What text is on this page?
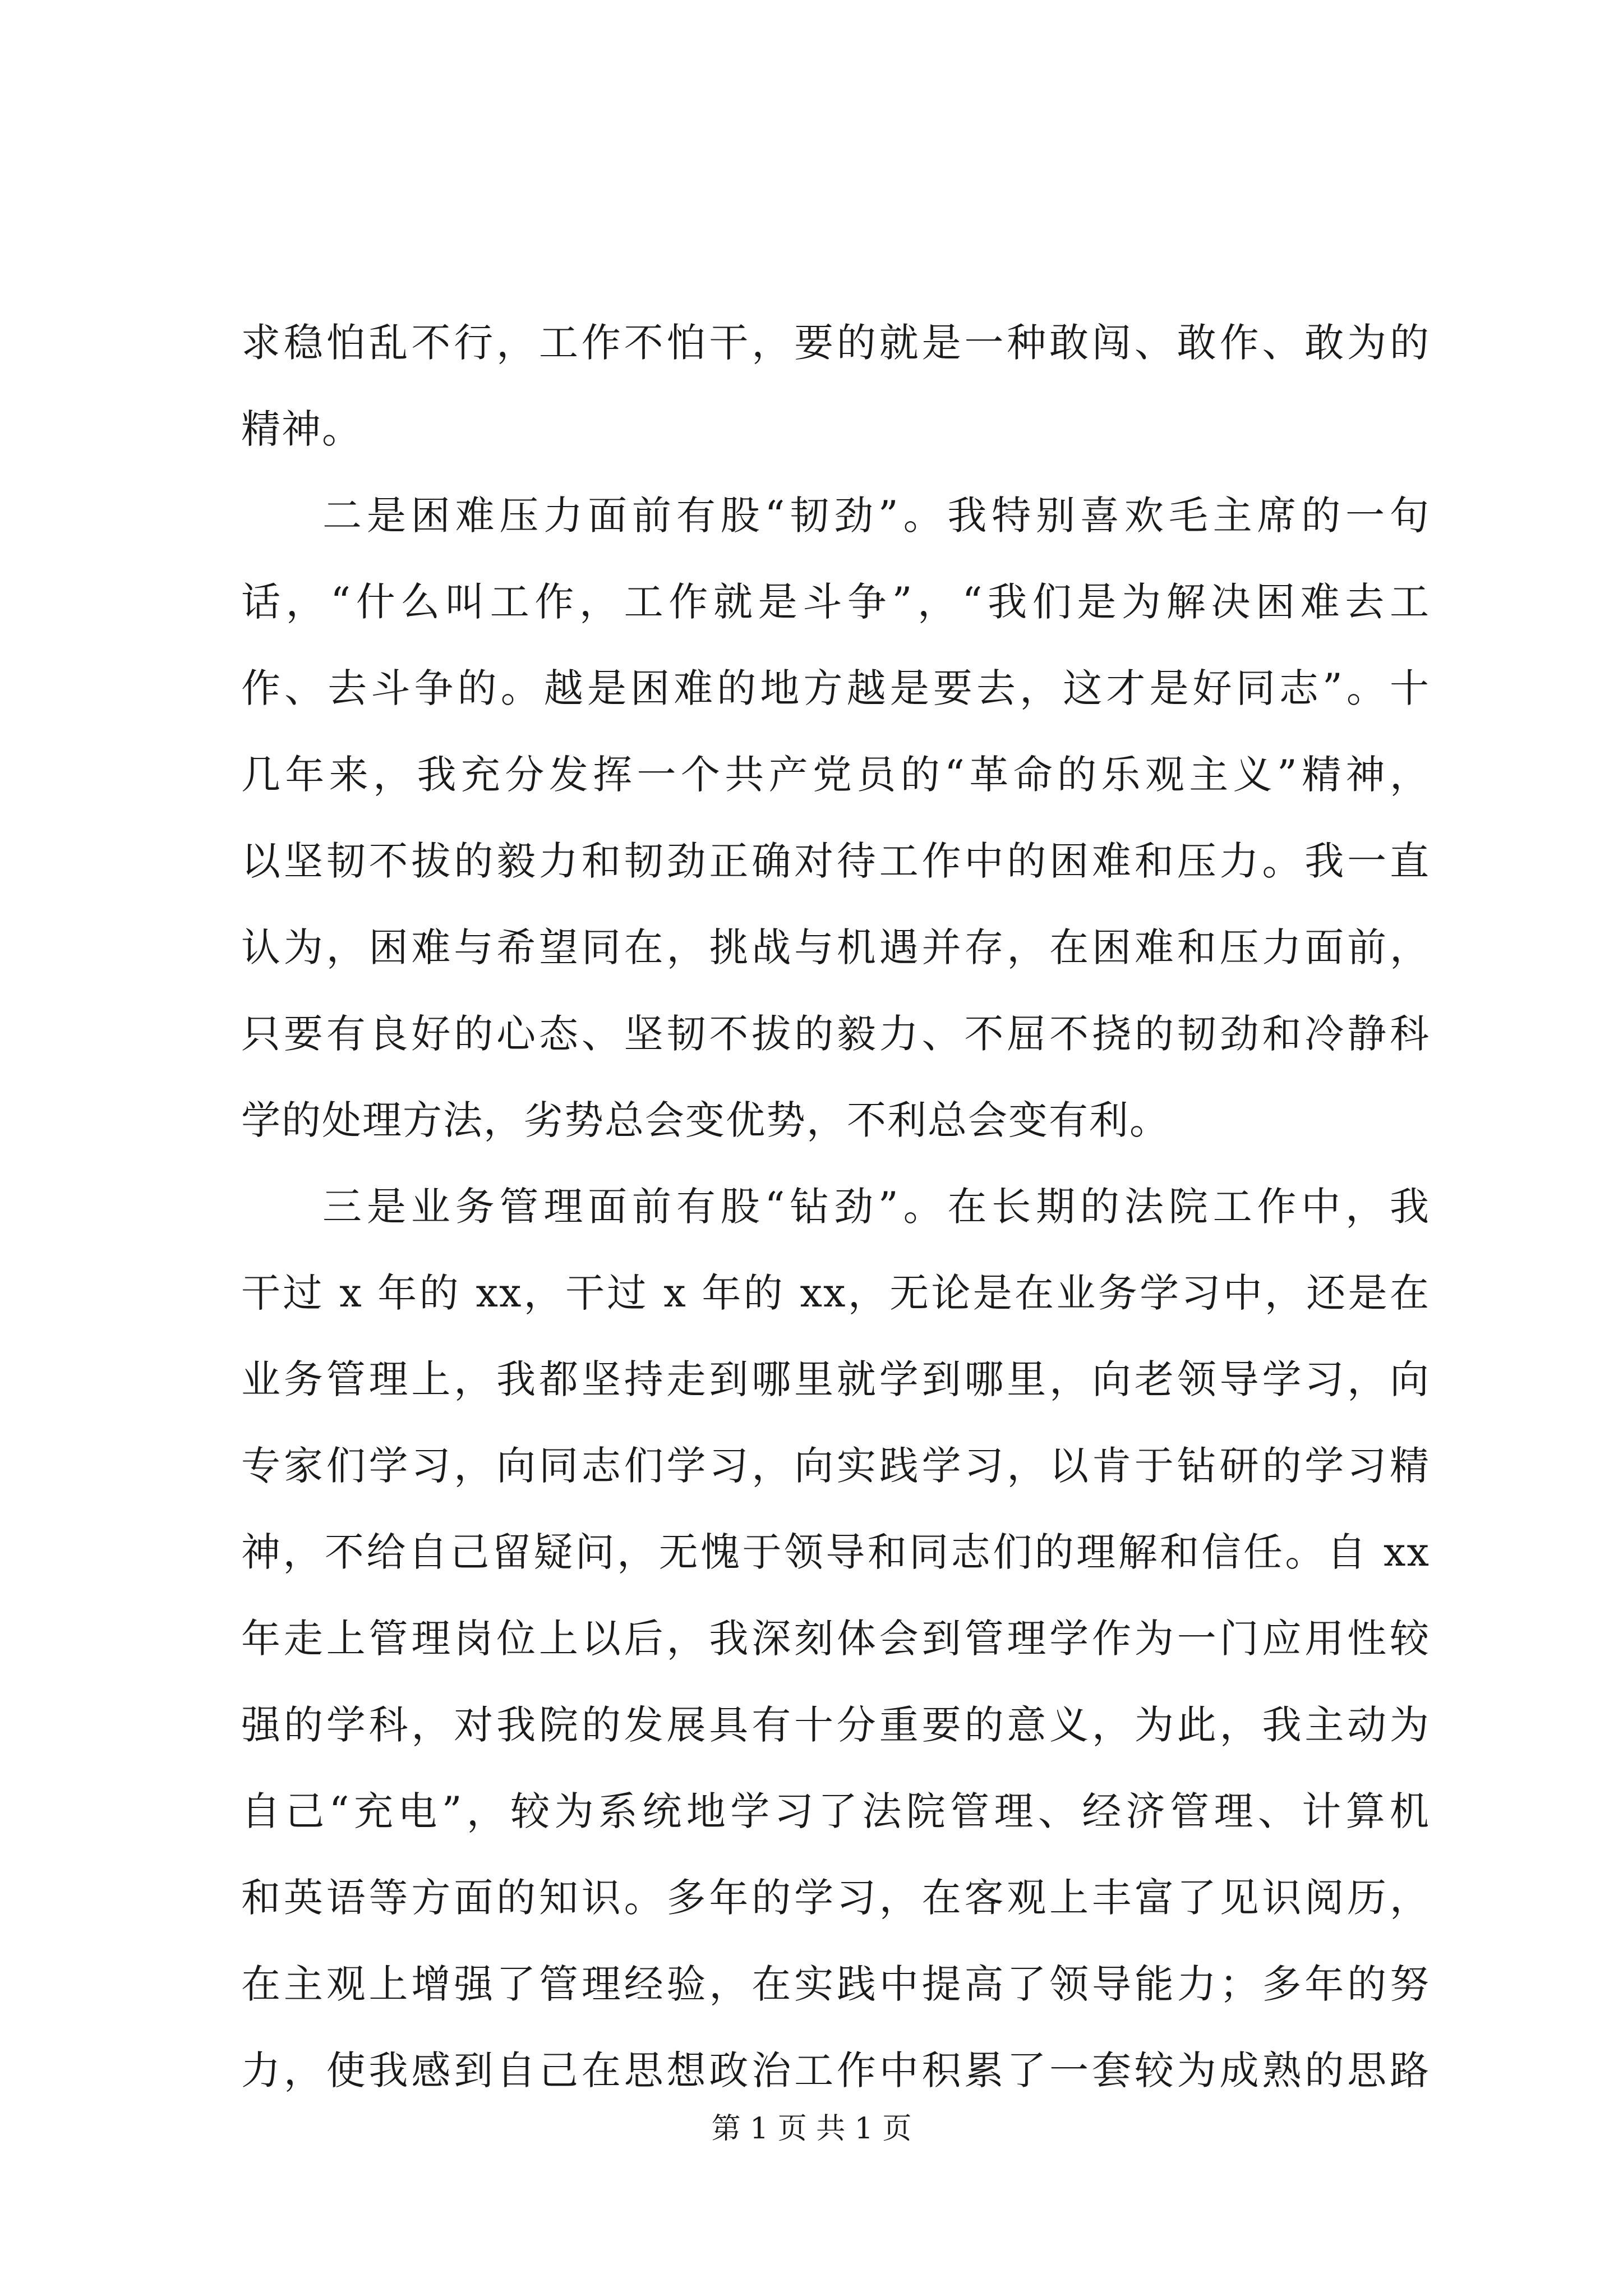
求稳怕乱不行，工作不怕干，要的就是一种敢闯、敢作、敢为的
精神。
二是困难压力面前有股“韧劲”。我特别喜欢毛主席的一句
话，“什么叫工作，工作就是斗争”，“我们是为解决困难去工
作、去斗争的。越是困难的地方越是要去，这才是好同志”。十
几年来，我充分发挥一个共产党员的“革命的乐观主义”精神，
以坚韧不拔的毅力和韧劲正确对待工作中的困难和压力。我一直
认为，困难与希望同在，挑战与机遇并存，在困难和压力面前，
只要有良好的心态、坚韧不拔的毅力、不屈不挠的韧劲和冷静科
学的处理方法，劣势总会变优势，不利总会变有利。
三是业务管理面前有股“钻劲”。在长期的法院工作中，我
干过 x 年的 xx，干过 x 年的 xx，无论是在业务学习中，还是在
业务管理上，我都坚持走到哪里就学到哪里，向老领导学习，向
专家们学习，向同志们学习，向实践学习，以肯于钻研的学习精
神，不给自己留疑问，无愧于领导和同志们的理解和信任。自 xx
年走上管理岗位上以后，我深刻体会到管理学作为一门应用性较
强的学科，对我院的发展具有十分重要的意义，为此，我主动为
自己“充电”，较为系统地学习了法院管理、经济管理、计算机
和英语等方面的知识。多年的学习，在客观上丰富了见识阅历，
在主观上增强了管理经验，在实践中提高了领导能力；多年的努
力，使我感到自己在思想政治工作中积累了一套较为成熟的思路
第 1 页 共 1 页
